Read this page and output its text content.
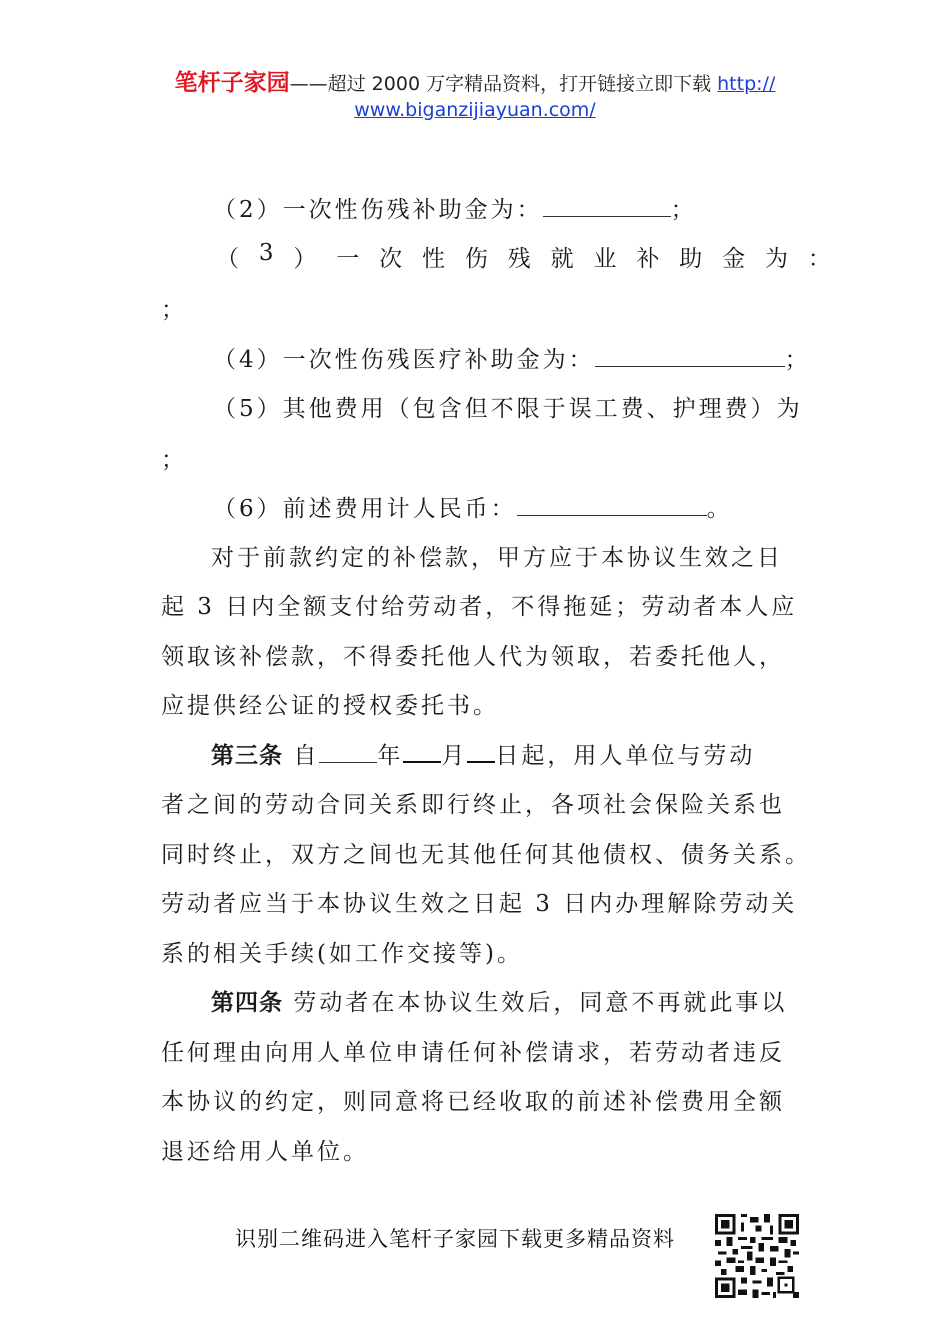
笔杆子家园——超过 2000 万字精品资料，打开链接立即下载 http://
www.biganzijiayuan.com/
（2）一次性伤残补助金为：	；
（ 3 ） 一 次 性 伤 残 就 业 补 助 金 为 ：
；
（4）一次性伤残医疗补助金为：	；
（5）其他费用（包含但不限于误工费、护理费）为
；
（6）前述费用计人民币：	。
对于前款约定的补偿款，甲方应于本协议生效之日
起 3 日内全额支付给劳动者，不得拖延；劳动者本人应
领取该补偿款，不得委托他人代为领取，若委托他人，
应提供经公证的授权委托书。
第三条 自	年 月 日起，用人单位与劳动
者之间的劳动合同关系即行终止，各项社会保险关系也
同时终止，双方之间也无其他任何其他债权、债务关系。
劳动者应当于本协议生效之日起 3 日内办理解除劳动关
系的相关手续(如工作交接等)。
第四条 劳动者在本协议生效后，同意不再就此事以
任何理由向用人单位申请任何补偿请求，若劳动者违反
本协议的约定，则同意将已经收取的前述补偿费用全额
退还给用人单位。
识别二维码进入笔杆子家园下载更多精品资料
